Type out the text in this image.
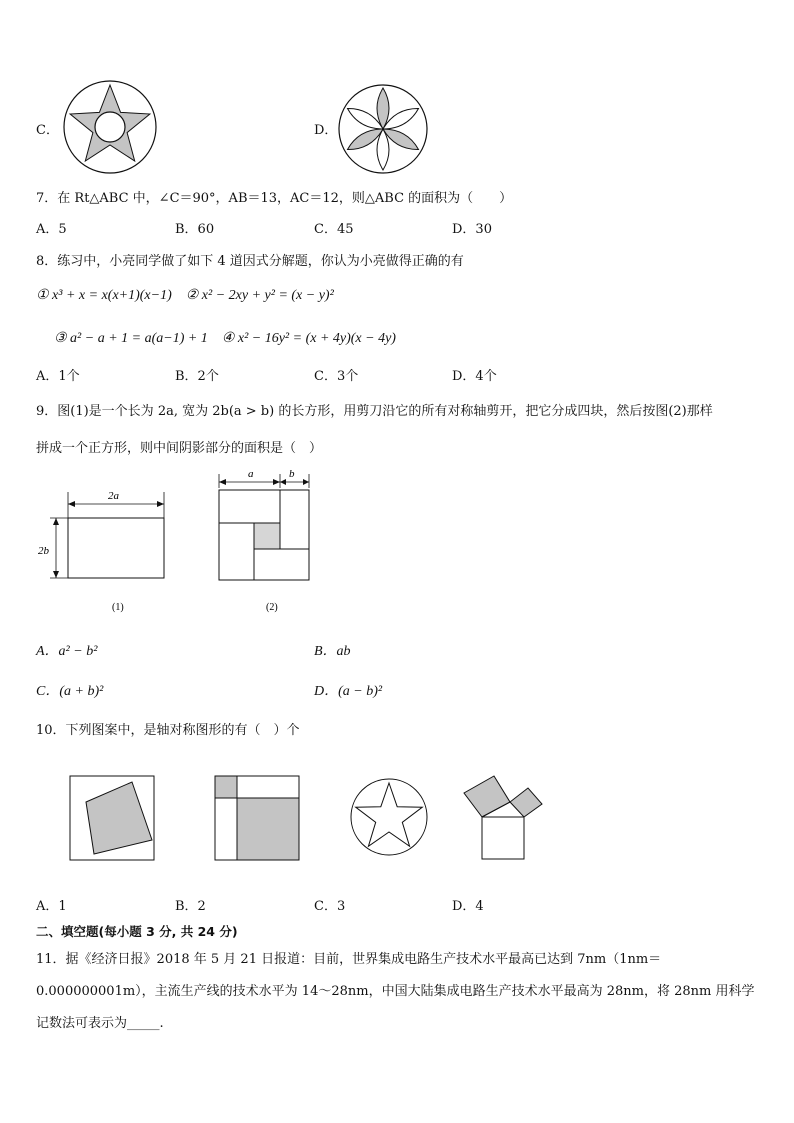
C．	D．
7．在 Rt△ABC 中，∠C＝90°，AB＝13，AC＝12，则△ABC 的面积为（　　）
A．5	B．60	C．45	D．30
8．练习中，小亮同学做了如下 4 道因式分解题，你认为小亮做得正确的有
① x³ + x = x(x+1)(x−1)　② x² − 2xy + y² = (x − y)²
③ a² − a + 1 = a(a−1) + 1　④ x² − 16y² = (x + 4y)(x − 4y)
A．1个	B．2个	C．3个	D．4个
9．图(1)是一个长为 2a, 宽为 2b(a > b) 的长方形，用剪刀沿它的所有对称轴剪开，把它分成四块，然后按图(2)那样
拼成一个正方形，则中间阴影部分的面积是（　）
2a
2b
(1)
a	b
(2)
A．a² − b²	B．ab
C．(a + b)²	D．(a − b)²
10．下列图案中，是轴对称图形的有（　）个
A．1	B．2	C．3	D．4
二、填空题(每小题 3 分, 共 24 分)
11．据《经济日报》2018 年 5 月 21 日报道：目前，世界集成电路生产技术水平最高已达到 7nm（1nm＝
0.000000001m），主流生产线的技术水平为 14～28nm，中国大陆集成电路生产技术水平最高为 28nm，将 28nm 用科学
记数法可表示为_____.
